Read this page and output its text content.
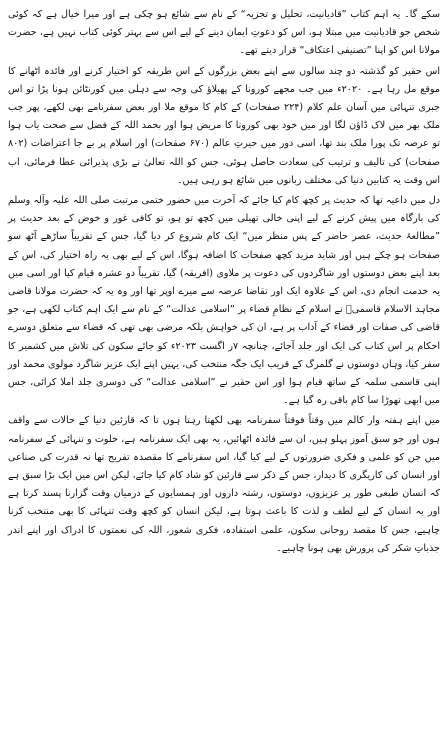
سکے گا۔ یہ اہم کتاب ”قادیانیت، تحلیل و تجزیہ“ کے نام سے شائع ہو چکی ہے اور میرا خیال ہے کہ کوئی شخص جو قادیانیت میں مبتلا ہو، اس کو دعوتِ ایمان دینے کے لیے اس سے بہتر کوئی کتاب نہیں ہے، حضرت مولانا اس کو اپنا ”تصنیفی اعتکاف“ قرار دیتے تھے۔

اس حقیر کو گذشتہ دو چند سالوں سے اپنے بعض بزرگوں کے اس طریقہ کو اختیار کرنے اور فائدہ اٹھانے کا موقع مل رہا ہے۔ ۲۰۲۰ء میں جب مجھے کورونا کے پھیلاؤ کی وجہ سے دہلی میں کورنٹائن ہونا پڑا تو اس جبری تنہائی میں آسان علم کلام (۲۲۴ صفحات) کے کام کا موقع ملا اور بعض سفرنامے بھی لکھے، پھر جب ملک بھر میں لاک ڈاؤن لگا اور میں خود بھی کورونا کا مریض ہوا اور بحمد اللہ کے فضل سے صحت یاب ہوا تو عرصہ تک پورا ملک بند تھا، اسی دور میں حیرتِ عالم (۶۷۰ صفحات) اور اسلام پر بے جا اعتراضات (۸۰۲ صفحات) کی تالیف و ترتیب کی سعادت حاصل ہوئی، جس کو اللہ تعالیٰ نے بڑی پذیرائی عطا فرمائی، اب اس وقت یہ کتابیں دنیا کی مختلف زبانوں میں شائع ہو رہی ہیں۔

دل میں داعیہ تھا کہ حدیث پر کچھ کام کیا جائے کہ آخرت میں حضور ختمی مرتبت صلی اللہ علیہ وآلہ وسلم کی بارگاہ میں پیش کرنے کے لیے اپنی خالی تھیلی میں کچھ تو ہو، تو کافی غور و خوض کے بعد حدیث پر ”مطالعۂ حدیث، عصر حاضر کے پس منظر میں“ ایک کام شروع کر دیا گیا، جس کے تقریباً ساڑھے آٹھ سو صفحات ہو چکے ہیں اور شاید مزید کچھ صفحات کا اضافہ ہوگا، اس کے لیے بھی یہ راہ اختیار کی، اس کے بعد اپنے بعض دوستوں اور شاگردوں کی دعوت پر ملاوی (افریقہ) گیا، تقریباً دو عشرہ قیام کیا اور اسی میں یہ خدمت انجام دی، اس کے علاوہ ایک اور تقاضا عرصہ سے میرے اوپر تھا اور وہ یہ کہ حضرت مولانا قاضی مجاہد الاسلام قاسمیؒ نے اسلام کے نظامِ قضاء پر ”اسلامی عدالت“ کے نام سے ایک اہم کتاب لکھی ہے، جو قاضی کی صفات اور قضاء کے آداب پر ہے، ان کی خواہش بلکہ مرضی بھی تھی کہ قضاء سے متعلق دوسرے احکام پر اس کتاب کی ایک اور جلد آجائے، چنانچہ ۷ر اگست ۲۰۲۳ء کو جائے سکون کی تلاش میں کشمیر کا سفر کیا، وہاں دوستوں نے گلمرگ کے قریب ایک جگہ منتخب کی، یہیں اپنے ایک عزیز شاگرد مولوی محمد اور اپنی قاسمی سلمہ کے ساتھ قیام ہوا اور اس حقیر نے ”اسلامی عدالت“ کی دوسری جلد املا کرائی، جس میں ابھی تھوڑا سا کام باقی رہ گیا ہے۔

میں اپنے ہفتہ وار کالم میں وقتاً فوقتاً سفرنامہ بھی لکھتا رہتا ہوں تا کہ قارئین دنیا کے حالات سے واقف ہوں اور جو سبق آموز پہلو ہیں، ان سے فائدہ اٹھائیں، یہ بھی ایک سفرنامہ ہے، خلوت و تنہائی کے سفرنامہ میں جن کو علمی و فکری ضرورتوں کے لیے کیا گیا، اس سفرنامے کا مقصدہ تفریح تھا نہ قدرت کی صناعی اور انسان کی کاریگری کا دیدار، جس کے ذکر سے قارئین کو شاد کام کیا جائے، لیکن اس میں ایک بڑا سبق ہے کہ انسان طبعی طور پر عزیزوں، دوستوں، رشتہ داروں اور ہمسایوں کے درمیان وقت گزارنا پسند کرتا ہے اور یہ انسان کے لیے لطف و لذت کا باعث ہوتا ہے، لیکن انسان کو کچھ وقت تنہائی کا بھی منتخب کرنا چاہیے، جس کا مقصد روحانی سکون، علمی استفادہ، فکری شعور، اللہ کی نعمتوں کا ادراک اور اپنے اندر جذباتِ شکر کی پرورش بھی ہونا چاہیے۔
